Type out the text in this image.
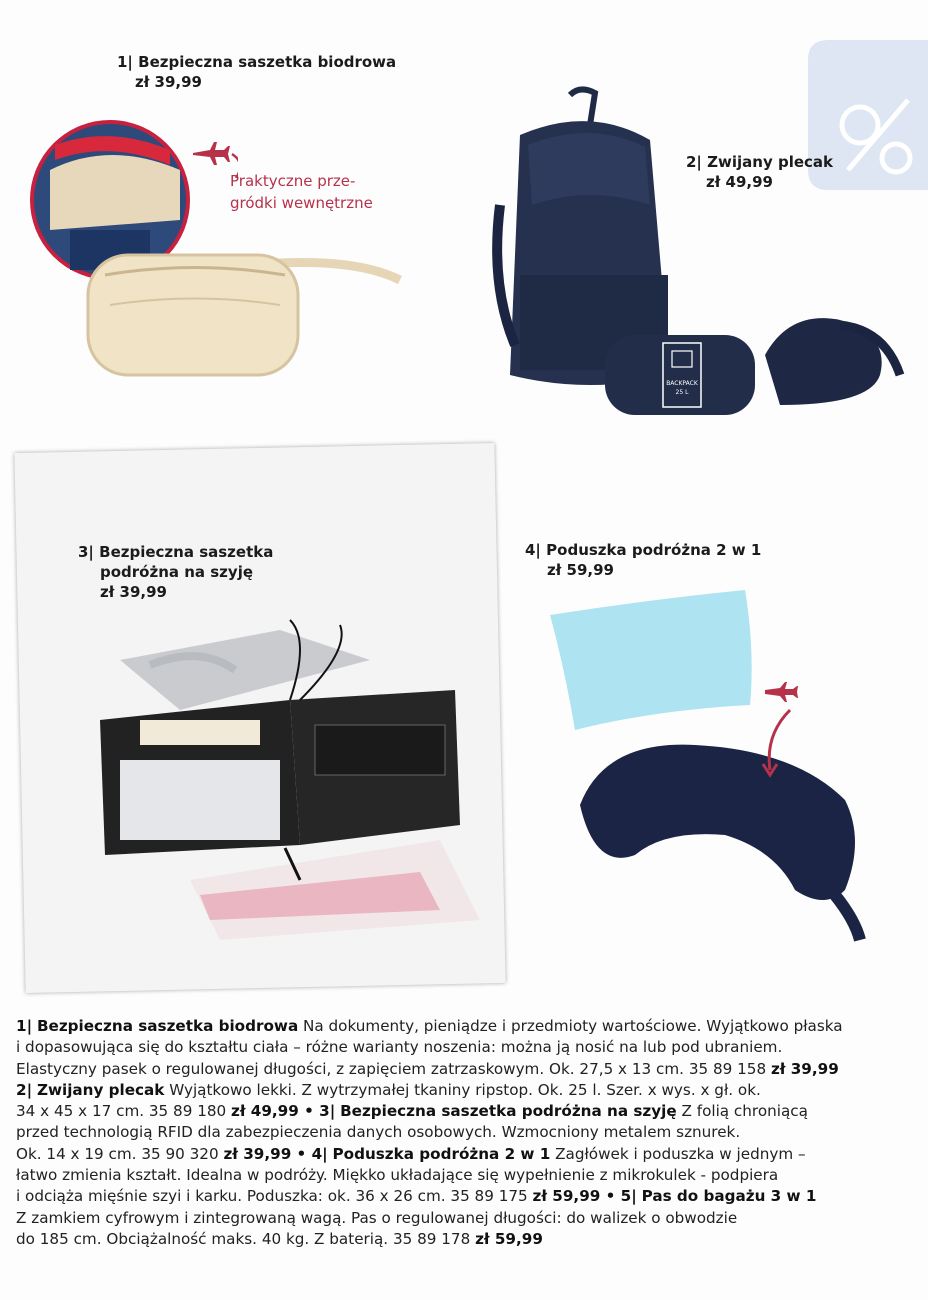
1| Bezpieczna saszetka biodrowa
zł 39,99
Praktyczne prze-
gródki wewnętrzne
BACKPACK
25 L
2| Zwijany plecak
zł 49,99
3| Bezpieczna saszetka
podróżna na szyję
zł 39,99
4| Poduszka podróżna 2 w 1
zł 59,99
1| Bezpieczna saszetka biodrowa Na dokumenty, pieniądze i przedmioty wartościowe. Wyjątkowo płaska
i dopasowująca się do kształtu ciała – różne warianty noszenia: można ją nosić na lub pod ubraniem.
Elastyczny pasek o regulowanej długości, z zapięciem zatrzaskowym. Ok. 27,5 x 13 cm. 35 89 158 zł 39,99
2| Zwijany plecak Wyjątkowo lekki. Z wytrzymałej tkaniny ripstop. Ok. 25 l. Szer. x wys. x gł. ok.
34 x 45 x 17 cm. 35 89 180 zł 49,99 • 3| Bezpieczna saszetka podróżna na szyję Z folią chroniącą
przed technologią RFID dla zabezpieczenia danych osobowych. Wzmocniony metalem sznurek.
Ok. 14 x 19 cm. 35 90 320 zł 39,99 • 4| Poduszka podróżna 2 w 1 Zagłówek i poduszka w jednym –
łatwo zmienia kształt. Idealna w podróży. Miękko układające się wypełnienie z mikrokulek - podpiera
i odciąża mięśnie szyi i karku. Poduszka: ok. 36 x 26 cm. 35 89 175 zł 59,99 • 5| Pas do bagażu 3 w 1
Z zamkiem cyfrowym i zintegrowaną wagą. Pas o regulowanej długości: do walizek o obwodzie
do 185 cm. Obciążalność maks. 40 kg. Z baterią. 35 89 178 zł 59,99
